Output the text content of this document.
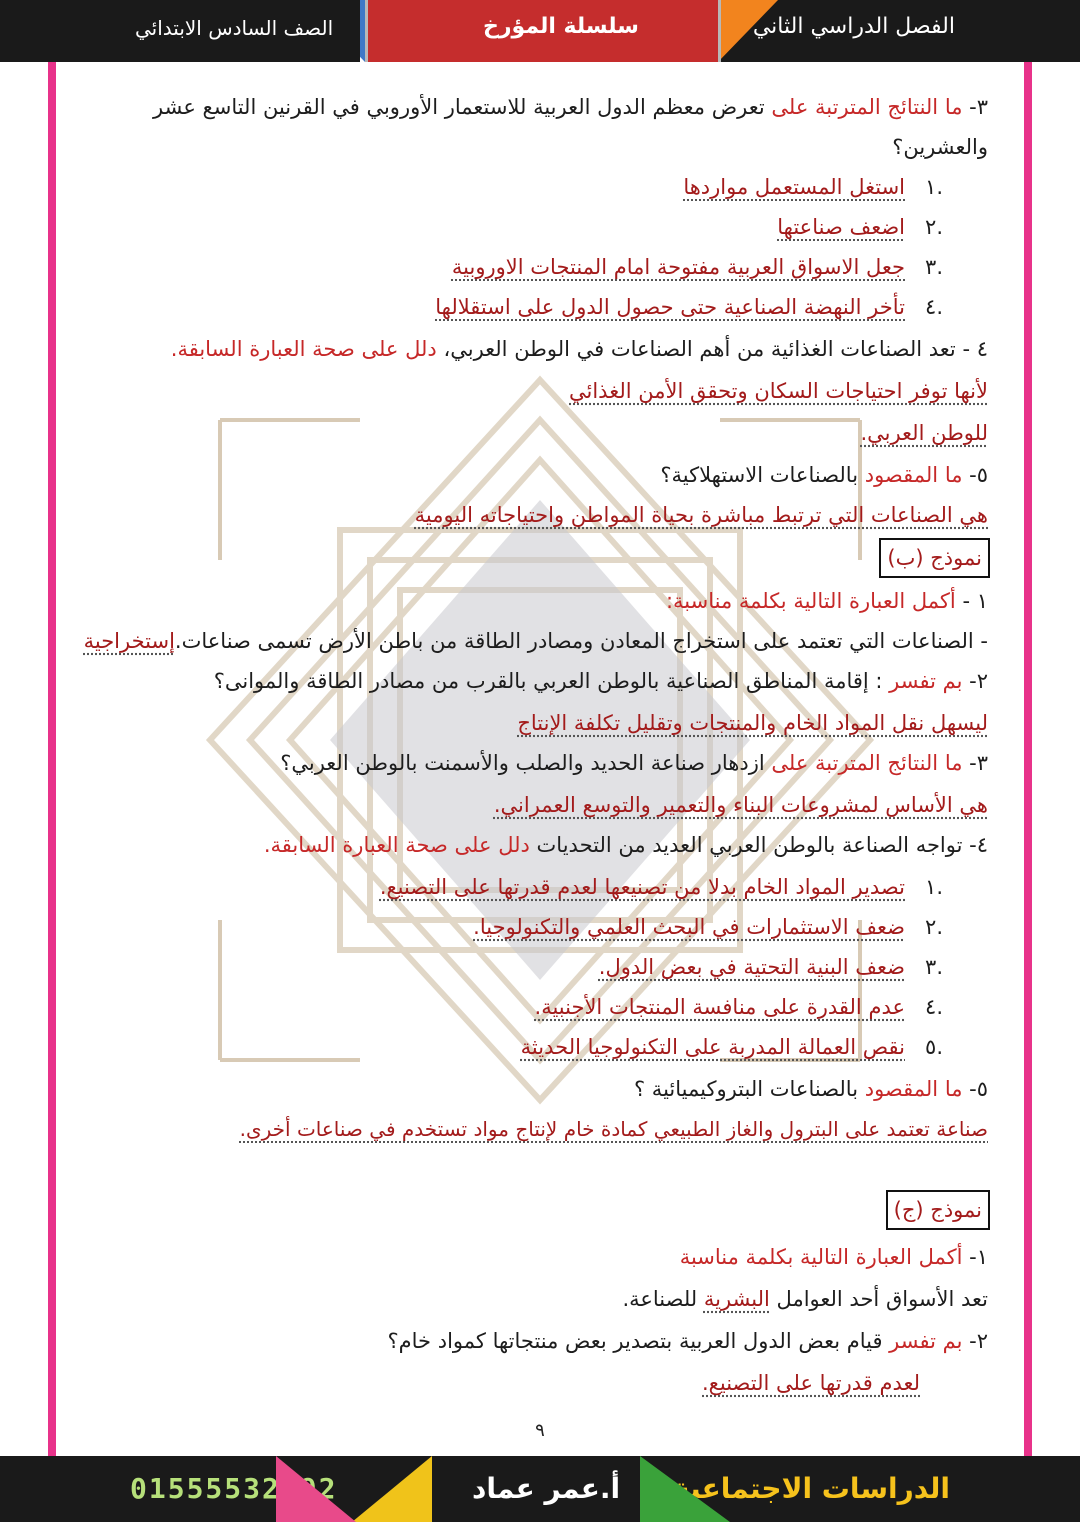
الفصل الدراسي الثاني
سلسلة المؤرخ
الصف السادس الابتدائي
٣- ما النتائج المترتبة على تعرض معظم الدول العربية للاستعمار الأوروبي في القرنين التاسع عشر
والعشرين؟
.١   استغل المستعمل مواردها
.٢   اضعف صناعتها
.٣   جعل الاسواق العربية مفتوحة امام المنتجات الاوروبية
.٤   تأخر النهضة الصناعية حتى حصول الدول على استقلالها
٤ - تعد الصناعات الغذائية من أهم الصناعات في الوطن العربي، دلل على صحة العبارة السابقة.
لأنها توفر احتياجات السكان وتحقق الأمن الغذائي
للوطن العربي.
٥- ما المقصود بالصناعات الاستهلاكية؟
هي الصناعات التي ترتبط مباشرة بحياة المواطن واحتياجاته اليومية
نموذج (ب)
١ - أكمل العبارة التالية بكلمة مناسبة:
- الصناعات التي تعتمد على استخراج المعادن ومصادر الطاقة من باطن الأرض تسمى صناعات.إستخراجية
٢- بم تفسر : إقامة المناطق الصناعية بالوطن العربي بالقرب من مصادر الطاقة والموانى؟
ليسهل نقل المواد الخام والمنتجات وتقليل تكلفة الإنتاج
٣- ما النتائج المترتبة على ازدهار صناعة الحديد والصلب والأسمنت بالوطن العربي؟
هي الأساس لمشروعات البناء والتعمير والتوسع العمراني.
٤- تواجه الصناعة بالوطن العربي العديد من التحديات دلل على صحة العبارة السابقة.
.١   تصدير المواد الخام بدلا من تصنيعها لعدم قدرتها على التصنيع.
.٢   ضعف الاستثمارات في البحث العلمي والتكنولوجيا.
.٣   ضعف البنية التحتية في بعض الدول.
.٤   عدم القدرة على منافسة المنتجات الأجنبية.
.٥   نقص العمالة المدربة على التكنولوجيا الحديثة
٥- ما المقصود بالصناعات البتروكيميائية ؟
صناعة تعتمد على البترول والغاز الطبيعي كمادة خام لإنتاج مواد تستخدم في صناعات أخرى.
نموذج (ج)
١- أكمل العبارة التالية بكلمة مناسبة
تعد الأسواق أحد العوامل البشرية للصناعة.
٢- بم تفسر قيام بعض الدول العربية بتصدير بعض منتجاتها كمواد خام؟
لعدم قدرتها على التصنيع.
٩
01555532592	أ.عمر عماد الدراسات الاجتماعية
